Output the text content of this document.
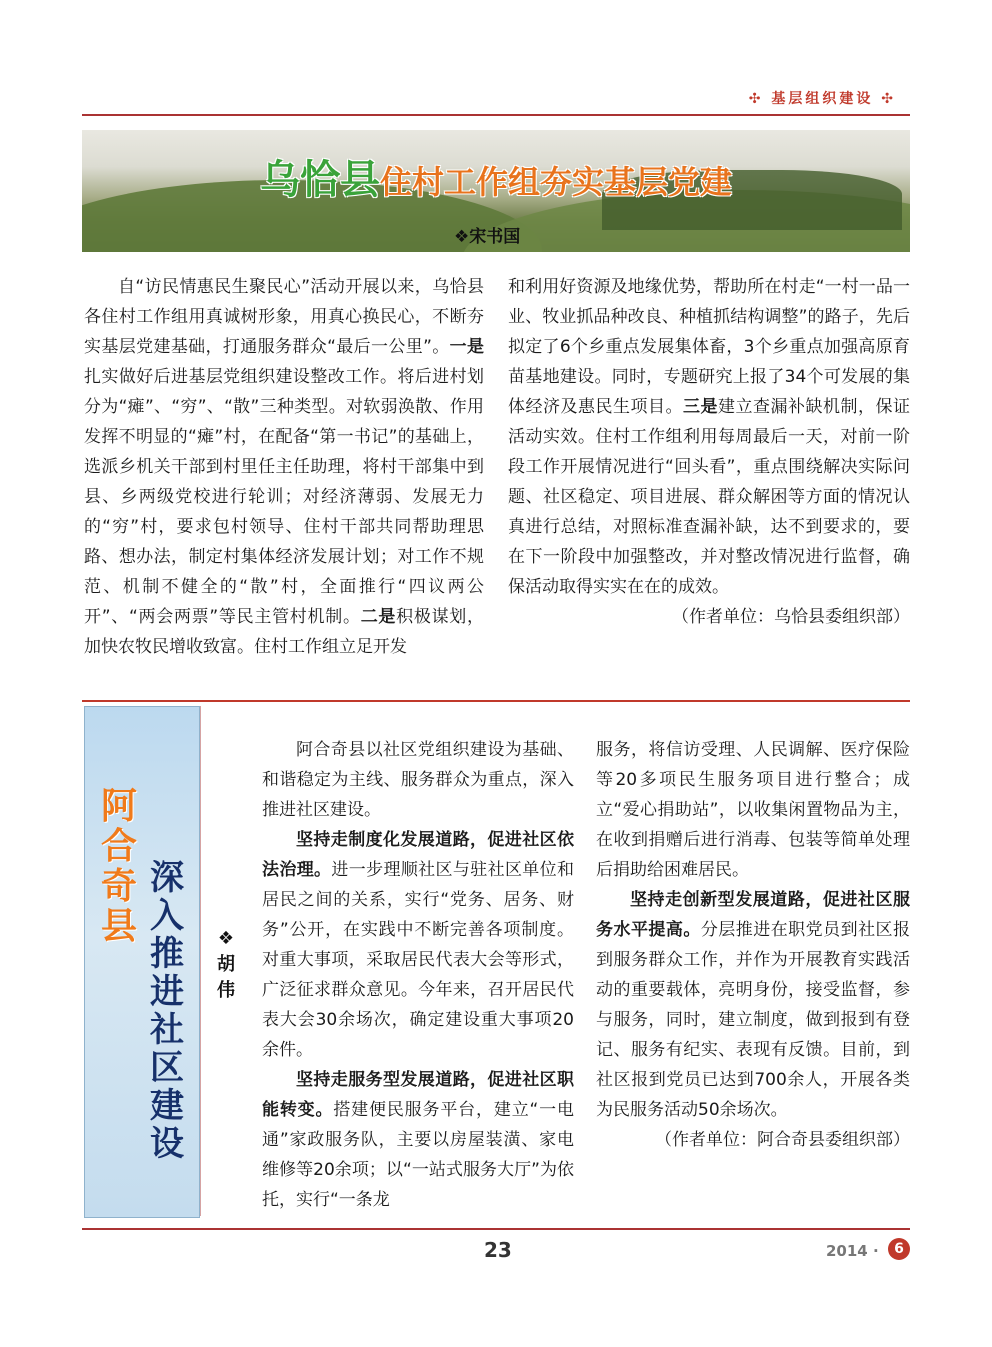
✣ 基层组织建设 ✣
乌恰县住村工作组夯实基层党建
❖宋书国

自“访民情惠民生聚民心”活动开展以来，乌恰县各住村工作组用真诚树形象，用真心换民心，不断夯实基层党建基础，打通服务群众“最后一公里”。一是扎实做好后进基层党组织建设整改工作。将后进村划分为“瘫”、“穷”、“散”三种类型。对软弱涣散、作用发挥不明显的“瘫”村，在配备“第一书记”的基础上，选派乡机关干部到村里任主任助理，将村干部集中到县、乡两级党校进行轮训；对经济薄弱、发展无力的“穷”村，要求包村领导、住村干部共同帮助理思路、想办法，制定村集体经济发展计划；对工作不规范、机制不健全的“散”村，全面推行“四议两公开”、“两会两票”等民主管村机制。二是积极谋划，加快农牧民增收致富。住村工作组立足开发

和利用好资源及地缘优势，帮助所在村走“一村一品一业、牧业抓品种改良、种植抓结构调整”的路子，先后拟定了6个乡重点发展集体畜，3个乡重点加强高原育苗基地建设。同时，专题研究上报了34个可发展的集体经济及惠民生项目。三是建立查漏补缺机制，保证活动实效。住村工作组利用每周最后一天，对前一阶段工作开展情况进行“回头看”，重点围绕解决实际问题、社区稳定、项目进展、群众解困等方面的情况认真进行总结，对照标准查漏补缺，达不到要求的，要在下一阶段中加强整改，并对整改情况进行监督，确保活动取得实实在在的成效。

（作者单位：乌恰县委组织部）

阿合奇县
深入推进社区建设
❖胡 伟

阿合奇县以社区党组织建设为基础、和谐稳定为主线、服务群众为重点，深入推进社区建设。

坚持走制度化发展道路，促进社区依法治理。进一步理顺社区与驻社区单位和居民之间的关系，实行“党务、居务、财务”公开，在实践中不断完善各项制度。对重大事项，采取居民代表大会等形式，广泛征求群众意见。今年来，召开居民代表大会30余场次，确定建设重大事项20余件。

坚持走服务型发展道路，促进社区职能转变。搭建便民服务平台，建立“一电通”家政服务队，主要以房屋装潢、家电维修等20余项；以“一站式服务大厅”为依托，实行“一条龙

服务，将信访受理、人民调解、医疗保险等20多项民生服务项目进行整合；成立“爱心捐助站”，以收集闲置物品为主，在收到捐赠后进行消毒、包装等简单处理后捐助给困难居民。

坚持走创新型发展道路，促进社区服务水平提高。分层推进在职党员到社区报到服务群众工作，并作为开展教育实践活动的重要载体，亮明身份，接受监督，参与服务，同时，建立制度，做到报到有登记、服务有纪实、表现有反馈。目前，到社区报到党员已达到700余人，开展各类为民服务活动50余场次。

（作者单位：阿合奇县委组织部）

23	2014 ·	6
